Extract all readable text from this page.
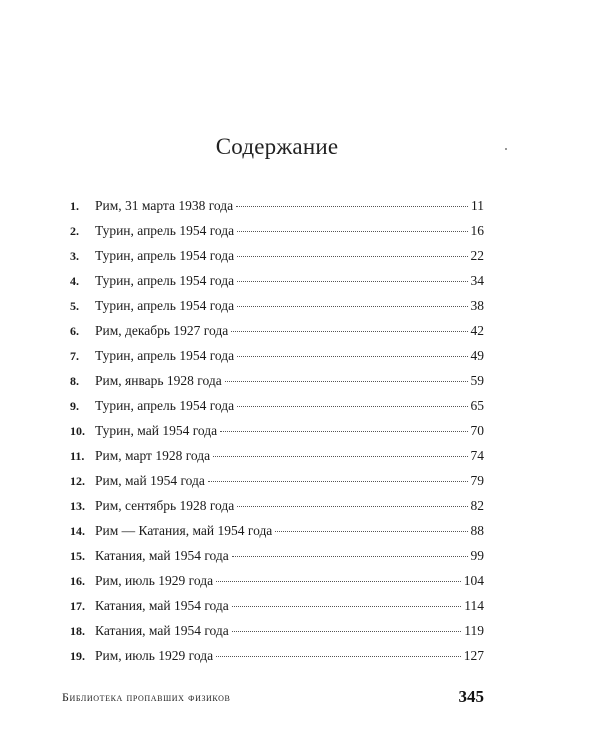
Содержание
1.	Рим, 31 марта 1938 года	11
2.	Турин, апрель 1954 года	16
3.	Турин, апрель 1954 года	22
4.	Турин, апрель 1954 года	34
5.	Турин, апрель 1954 года	38
6.	Рим, декабрь 1927 года	42
7.	Турин, апрель 1954 года	49
8.	Рим, январь 1928 года	59
9.	Турин, апрель 1954 года	65
10. Турин, май 1954 года	70
11. Рим, март 1928 года	74
12. Рим, май 1954 года	79
13. Рим, сентябрь 1928 года	82
14. Рим — Катания, май 1954 года	88
15. Катания, май 1954 года	99
16. Рим, июль 1929 года	104
17. Катания, май 1954 года	114
18. Катания, май 1954 года	119
19. Рим, июль 1929 года	127
Библиотека пропавших физиков	345
